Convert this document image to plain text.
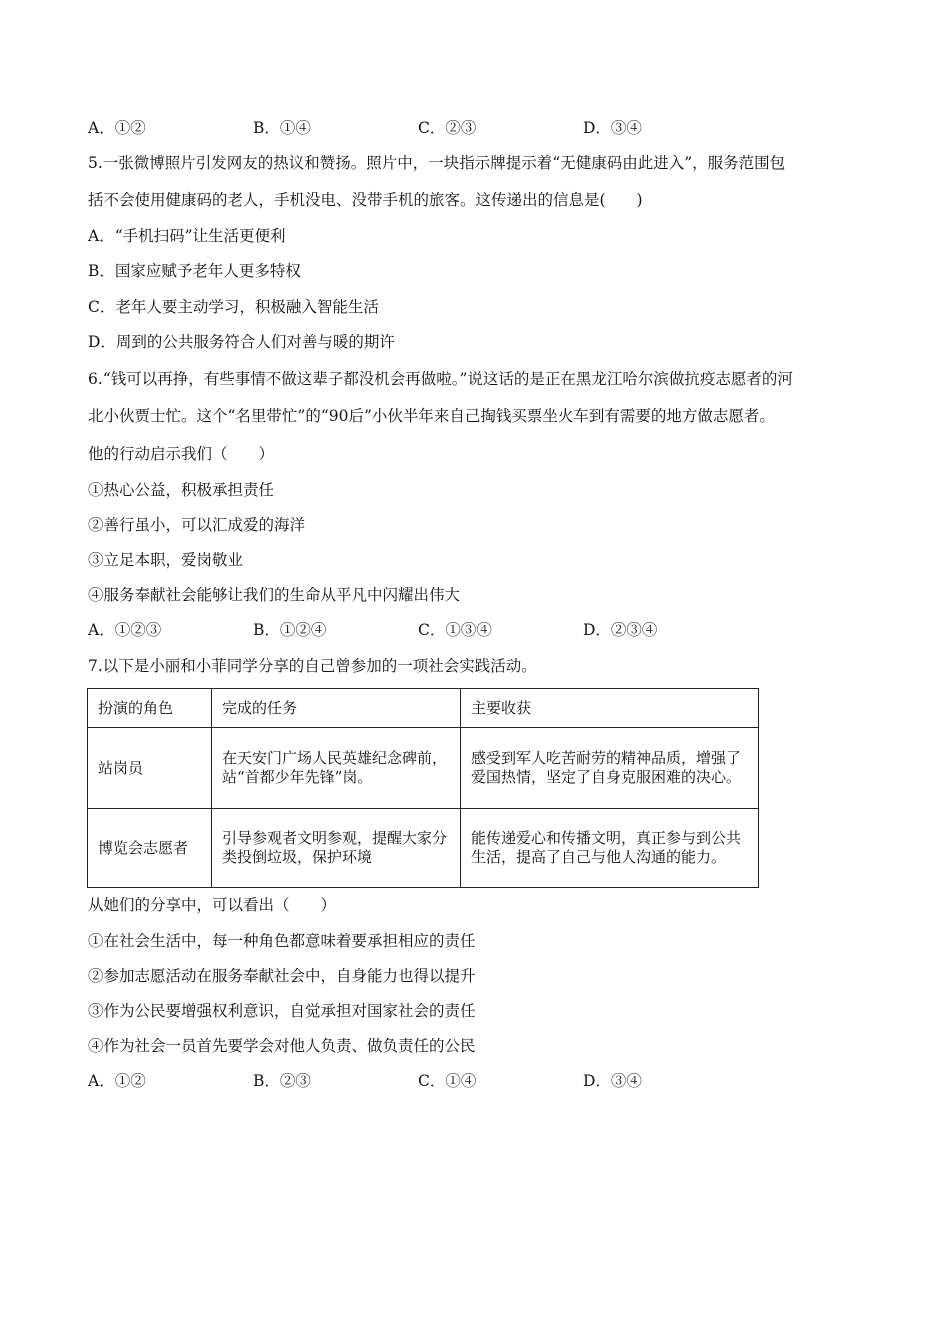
A．①②	B．①④	C．②③	D．③④
5.一张微博照片引发网友的热议和赞扬。照片中，一块指示牌提示着“无健康码由此进入”，服务范围包
括不会使用健康码的老人，手机没电、没带手机的旅客。这传递出的信息是(　　)
A．“手机扫码”让生活更便利
B．国家应赋予老年人更多特权
C．老年人要主动学习，积极融入智能生活
D．周到的公共服务符合人们对善与暖的期许
6.“钱可以再挣，有些事情不做这辈子都没机会再做啦。”说这话的是正在黑龙江哈尔滨做抗疫志愿者的河
北小伙贾士忙。这个“名里带忙”的“90后”小伙半年来自己掏钱买票坐火车到有需要的地方做志愿者。
他的行动启示我们（　　）
①热心公益，积极承担责任
②善行虽小，可以汇成爱的海洋
③立足本职，爱岗敬业
④服务奉献社会能够让我们的生命从平凡中闪耀出伟大
A．①②③	B．①②④	C．①③④	D．②③④
7.以下是小丽和小菲同学分享的自己曾参加的一项社会实践活动。
扮演的角色	完成的任务	主要收获
站岗员	在天安门广场人民英雄纪念碑前，站“首都少年先锋”岗。	感受到军人吃苦耐劳的精神品质，增强了爱国热情，坚定了自身克服困难的决心。
博览会志愿者	引导参观者文明参观，提醒大家分类投倒垃圾，保护环境	能传递爱心和传播文明，真正参与到公共生活，提高了自己与他人沟通的能力。
从她们的分享中，可以看出（　　）
①在社会生活中，每一种角色都意味着要承担相应的责任
②参加志愿活动在服务奉献社会中，自身能力也得以提升
③作为公民要增强权利意识，自觉承担对国家社会的责任
④作为社会一员首先要学会对他人负责、做负责任的公民
A．①②	B．②③	C．①④	D．③④
